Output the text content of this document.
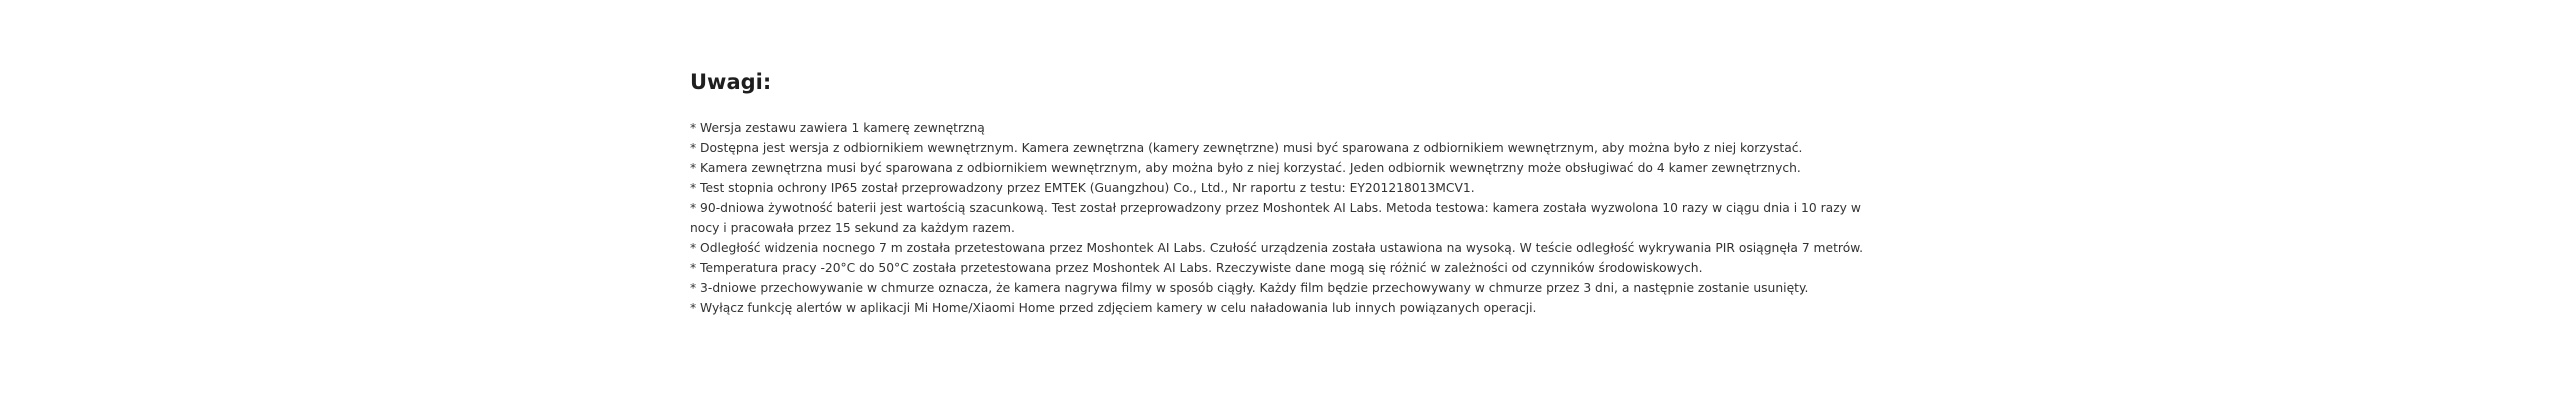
Uwagi:
* Wersja zestawu zawiera 1 kamerę zewnętrzną
* Dostępna jest wersja z odbiornikiem wewnętrznym. Kamera zewnętrzna (kamery zewnętrzne) musi być sparowana z odbiornikiem wewnętrznym, aby można było z niej korzystać.
* Kamera zewnętrzna musi być sparowana z odbiornikiem wewnętrznym, aby można było z niej korzystać. Jeden odbiornik wewnętrzny może obsługiwać do 4 kamer zewnętrznych.
* Test stopnia ochrony IP65 został przeprowadzony przez EMTEK (Guangzhou) Co., Ltd., Nr raportu z testu: EY201218013MCV1.
* 90-dniowa żywotność baterii jest wartością szacunkową. Test został przeprowadzony przez Moshontek AI Labs. Metoda testowa: kamera została wyzwolona 10 razy w ciągu dnia i 10 razy w nocy i pracowała przez 15 sekund za każdym razem.
* Odległość widzenia nocnego 7 m została przetestowana przez Moshontek AI Labs. Czułość urządzenia została ustawiona na wysoką. W teście odległość wykrywania PIR osiągnęła 7 metrów.
* Temperatura pracy -20°C do 50°C została przetestowana przez Moshontek AI Labs. Rzeczywiste dane mogą się różnić w zależności od czynników środowiskowych.
* 3-dniowe przechowywanie w chmurze oznacza, że kamera nagrywa filmy w sposób ciągły. Każdy film będzie przechowywany w chmurze przez 3 dni, a następnie zostanie usunięty.
* Wyłącz funkcję alertów w aplikacji Mi Home/Xiaomi Home przed zdjęciem kamery w celu naładowania lub innych powiązanych operacji.
